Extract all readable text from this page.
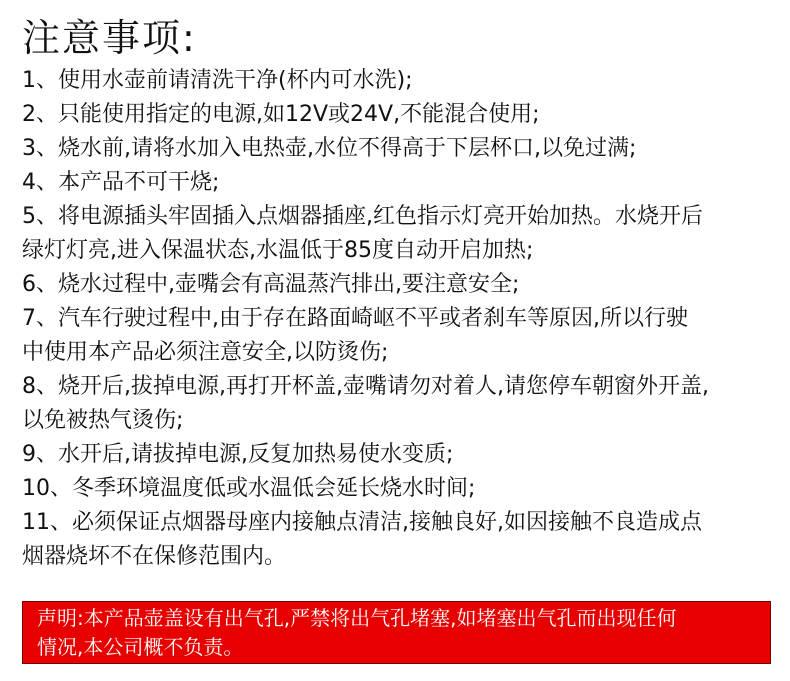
注意事项:
1、使用水壶前请清洗干净(杯内可水洗);
2、只能使用指定的电源,如12V或24V,不能混合使用;
3、烧水前,请将水加入电热壶,水位不得高于下层杯口,以免过满;
4、本产品不可干烧;
5、将电源插头牢固插入点烟器插座,红色指示灯亮开始加热。水烧开后
绿灯灯亮,进入保温状态,水温低于85度自动开启加热;
6、烧水过程中,壶嘴会有高温蒸汽排出,要注意安全;
7、汽车行驶过程中,由于存在路面崎岖不平或者刹车等原因,所以行驶
中使用本产品必须注意安全,以防烫伤;
8、烧开后,拔掉电源,再打开杯盖,壶嘴请勿对着人,请您停车朝窗外开盖,
以免被热气烫伤;
9、水开后,请拔掉电源,反复加热易使水变质;
10、冬季环境温度低或水温低会延长烧水时间;
11、必须保证点烟器母座内接触点清洁,接触良好,如因接触不良造成点
烟器烧坏不在保修范围内。
声明:本产品壶盖设有出气孔,严禁将出气孔堵塞,如堵塞出气孔而出现任何
情况,本公司概不负责。
